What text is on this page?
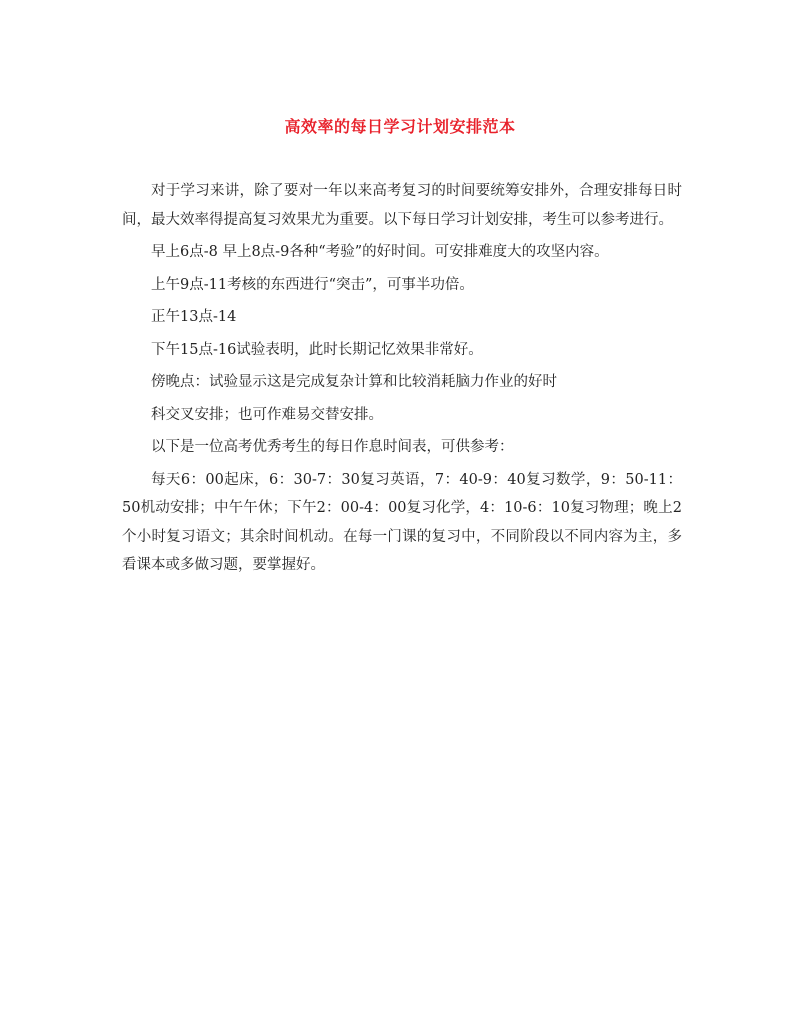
高效率的每日学习计划安排范本

对于学习来讲，除了要对一年以来高考复习的时间要统筹安排外，合理安排每日时间，最大效率得提高复习效果尤为重要。以下每日学习计划安排，考生可以参考进行。

早上6点-8 早上8点-9各种“考验”的好时间。可安排难度大的攻坚内容。

上午9点-11考核的东西进行“突击”，可事半功倍。

正午13点-14

下午15点-16试验表明，此时长期记忆效果非常好。

傍晚点：试验显示这是完成复杂计算和比较消耗脑力作业的好时

科交叉安排；也可作难易交替安排。

以下是一位高考优秀考生的每日作息时间表，可供参考：

每天6：00起床，6：30-7：30复习英语，7：40-9：40复习数学，9：50-11：50机动安排；中午午休；下午2：00-4：00复习化学，4：10-6：10复习物理；晚上2个小时复习语文；其余时间机动。在每一门课的复习中，不同阶段以不同内容为主，多看课本或多做习题，要掌握好。
